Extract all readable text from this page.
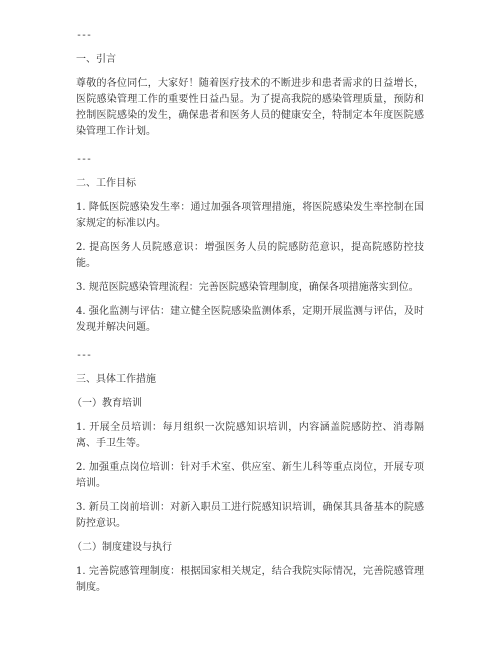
---
一、引言
尊敬的各位同仁，大家好！随着医疗技术的不断进步和患者需求的日益增长，医院感染管理工作的重要性日益凸显。为了提高我院的感染管理质量，预防和控制医院感染的发生，确保患者和医务人员的健康安全，特制定本年度医院感染管理工作计划。
---
二、工作目标
1. 降低医院感染发生率：通过加强各项管理措施，将医院感染发生率控制在国家规定的标准以内。
2. 提高医务人员院感意识：增强医务人员的院感防范意识，提高院感防控技能。
3. 规范医院感染管理流程：完善医院感染管理制度，确保各项措施落实到位。
4. 强化监测与评估：建立健全医院感染监测体系，定期开展监测与评估，及时发现并解决问题。
---
三、具体工作措施
（一）教育培训
1. 开展全员培训：每月组织一次院感知识培训，内容涵盖院感防控、消毒隔离、手卫生等。
2. 加强重点岗位培训：针对手术室、供应室、新生儿科等重点岗位，开展专项培训。
3. 新员工岗前培训：对新入职员工进行院感知识培训，确保其具备基本的院感防控意识。
（二）制度建设与执行
1. 完善院感管理制度：根据国家相关规定，结合我院实际情况，完善院感管理制度。
